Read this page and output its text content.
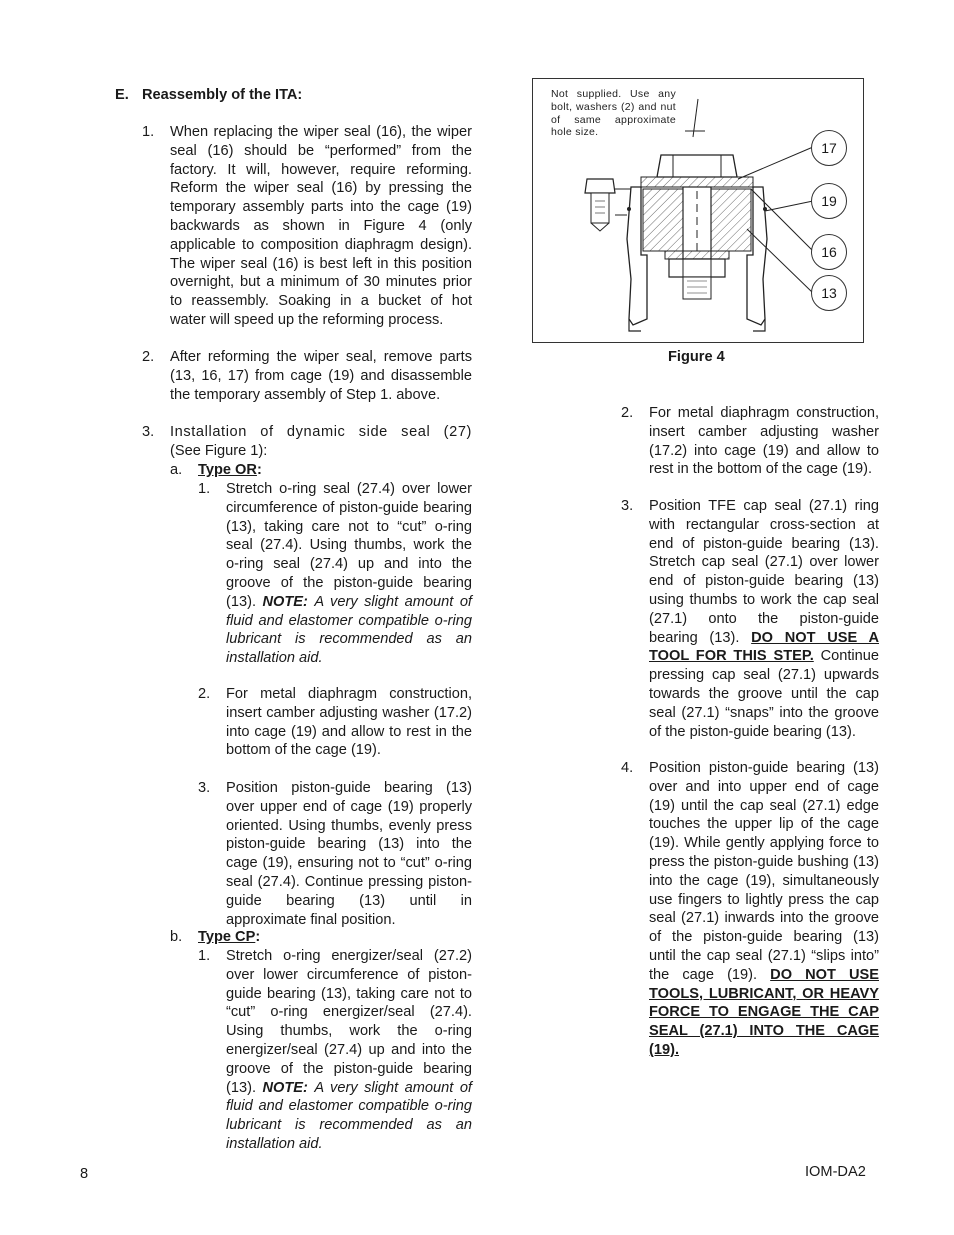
E. Reassembly of the ITA:
1. When replacing the wiper seal (16), the wiper seal (16) should be “performed” from the factory. It will, however, require reforming. Reform the wiper seal (16) by pressing the temporary assembly parts into the cage (19) backwards as shown in Figure 4 (only applicable to composition diaphragm design). The wiper seal (16) is best left in this position overnight, but a minimum of 30 minutes prior to reassembly. Soaking in a bucket of hot water will speed up the reforming process.
2. After reforming the wiper seal, remove parts (13, 16, 17) from cage (19) and disassemble the temporary assembly of Step 1. above.
3. Installation of dynamic side seal (27)
(See Figure 1):
a. Type OR:
1. Stretch o-ring seal (27.4) over lower circumference of piston-guide bearing (13), taking care not to “cut” o-ring seal (27.4). Using thumbs, work the o-ring seal (27.4) up and into the groove of the piston-guide bearing (13). NOTE: A very slight amount of fluid and elastomer compatible o-ring lubricant is recommended as an installation aid.
2. For metal diaphragm construction, insert camber adjusting washer (17.2) into cage (19) and allow to rest in the bottom of the cage (19).
3. Position piston-guide bearing (13) over upper end of cage (19) properly oriented. Using thumbs, evenly press piston-guide bearing (13) into the cage (19), ensuring not to “cut” o-ring seal (27.4). Continue pressing piston-guide bearing (13) until in approximate final position.
b. Type CP:
1. Stretch o-ring energizer/seal (27.2) over lower circumference of piston-guide bearing (13), taking care not to “cut” o-ring energizer/seal (27.4). Using thumbs, work the o-ring energizer/seal (27.4) up and into the groove of the piston-guide bearing (13). NOTE: A very slight amount of fluid and elastomer compatible o-ring lubricant is recommended as an installation aid.
Not supplied. Use any bolt, washers (2) and nut of same approximate hole size.
17
19
16
13
Figure 4
2. For metal diaphragm construction, insert camber adjusting washer (17.2) into cage (19) and allow to rest in the bottom of the cage (19).
3. Position TFE cap seal (27.1) ring with rectangular cross-section at end of piston-guide bearing (13). Stretch cap seal (27.1) over lower end of piston-guide bearing (13) using thumbs to work the cap seal (27.1) onto the piston-guide bearing (13). DO NOT USE A TOOL FOR THIS STEP. Continue pressing cap seal (27.1) upwards towards the groove until the cap seal (27.1) “snaps” into the groove of the piston-guide bearing (13).
4. Position piston-guide bearing (13) over and into upper end of cage (19) until the cap seal (27.1) edge touches the upper lip of the cage (19). While gently applying force to press the piston-guide bushing (13) into the cage (19), simultaneously use fingers to lightly press the cap seal (27.1) inwards into the groove of the piston-guide bearing (13) until the cap seal (27.1) “slips into” the cage (19). DO NOT USE TOOLS, LUBRICANT, OR HEAVY FORCE TO ENGAGE THE CAP SEAL (27.1) INTO THE CAGE (19).
8	IOM-DA2
